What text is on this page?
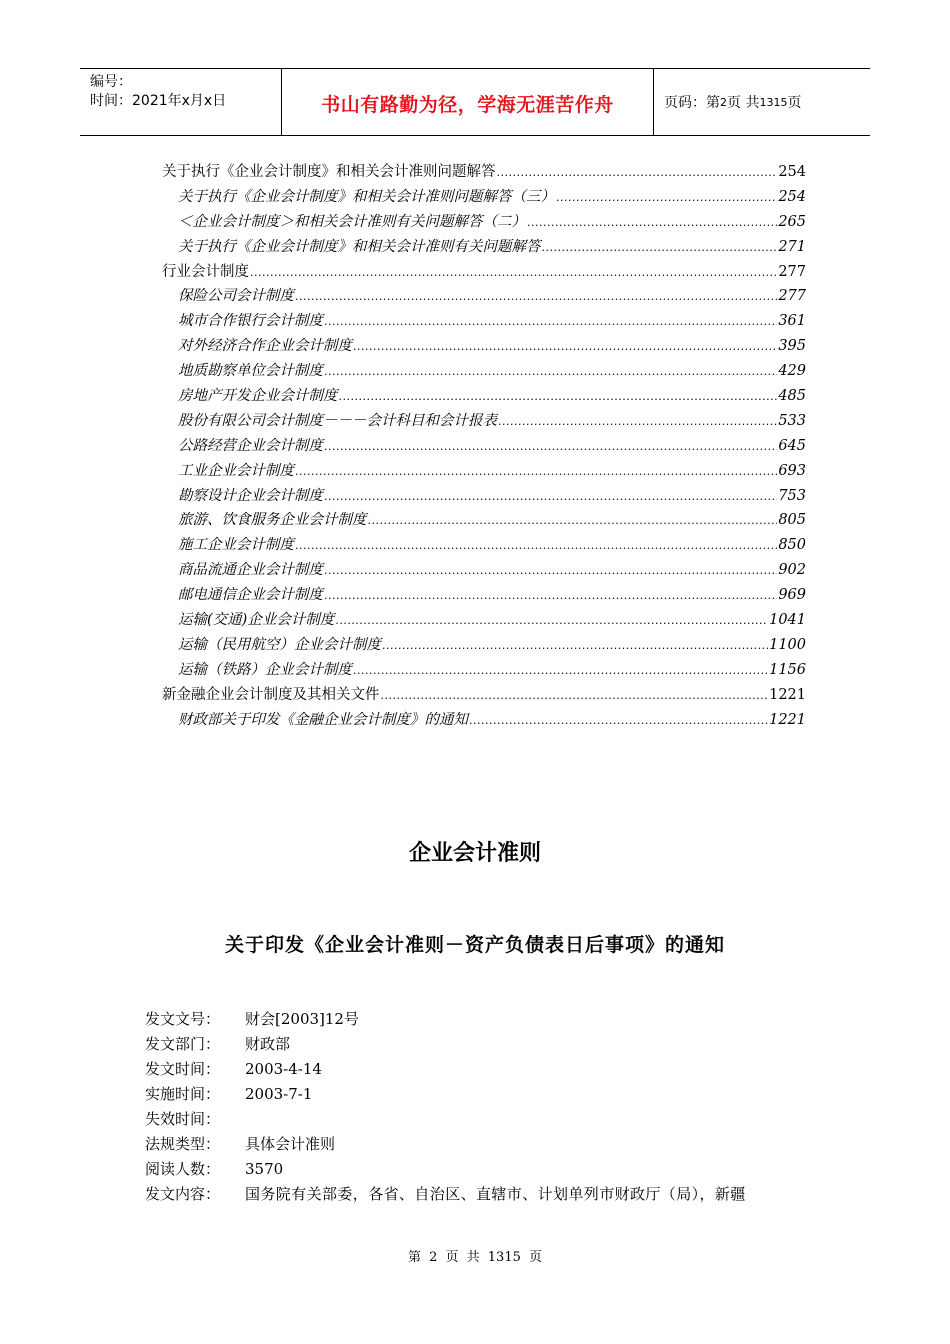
编号：
时间：2021年x月x日	书山有路勤为径，学海无涯苦作舟	页码：第 2 页 共 1315 页
关于执行《企业会计制度》和相关会计准则问题解答 .....	254
关于执行《企业会计制度》和相关会计准则问题解答（三） .....	254
＜企业会计制度＞和相关会计准则有关问题解答（二） .....	265
关于执行《企业会计制度》和相关会计准则有关问题解答 .....	271
行业会计制度 .....	277
保险公司会计制度 .....	277
城市合作银行会计制度 .....	361
对外经济合作企业会计制度 .....	395
地质勘察单位会计制度 .....	429
房地产开发企业会计制度 .....	485
股份有限公司会计制度－－－会计科目和会计报表 .....	533
公路经营企业会计制度 .....	645
工业企业会计制度 .....	693
勘察设计企业会计制度 .....	753
旅游、饮食服务企业会计制度 .....	805
施工企业会计制度 .....	850
商品流通企业会计制度 .....	902
邮电通信企业会计制度 .....	969
运输(交通)企业会计制度 .....	1041
运输（民用航空）企业会计制度 .....	1100
运输（铁路）企业会计制度 .....	1156
新金融企业会计制度及其相关文件 .....	1221
财政部关于印发《金融企业会计制度》的通知 .....	1221
企业会计准则
关于印发《企业会计准则－资产负债表日后事项》的通知
发文文号：	财会[2003]12号
发文部门：	财政部
发文时间：	2003-4-14
实施时间：	2003-7-1
失效时间：
法规类型：	具体会计准则
阅读人数：	3570
发文内容：	国务院有关部委，各省、自治区、直辖市、计划单列市财政厅（局），新疆
第 2 页 共 1315 页
